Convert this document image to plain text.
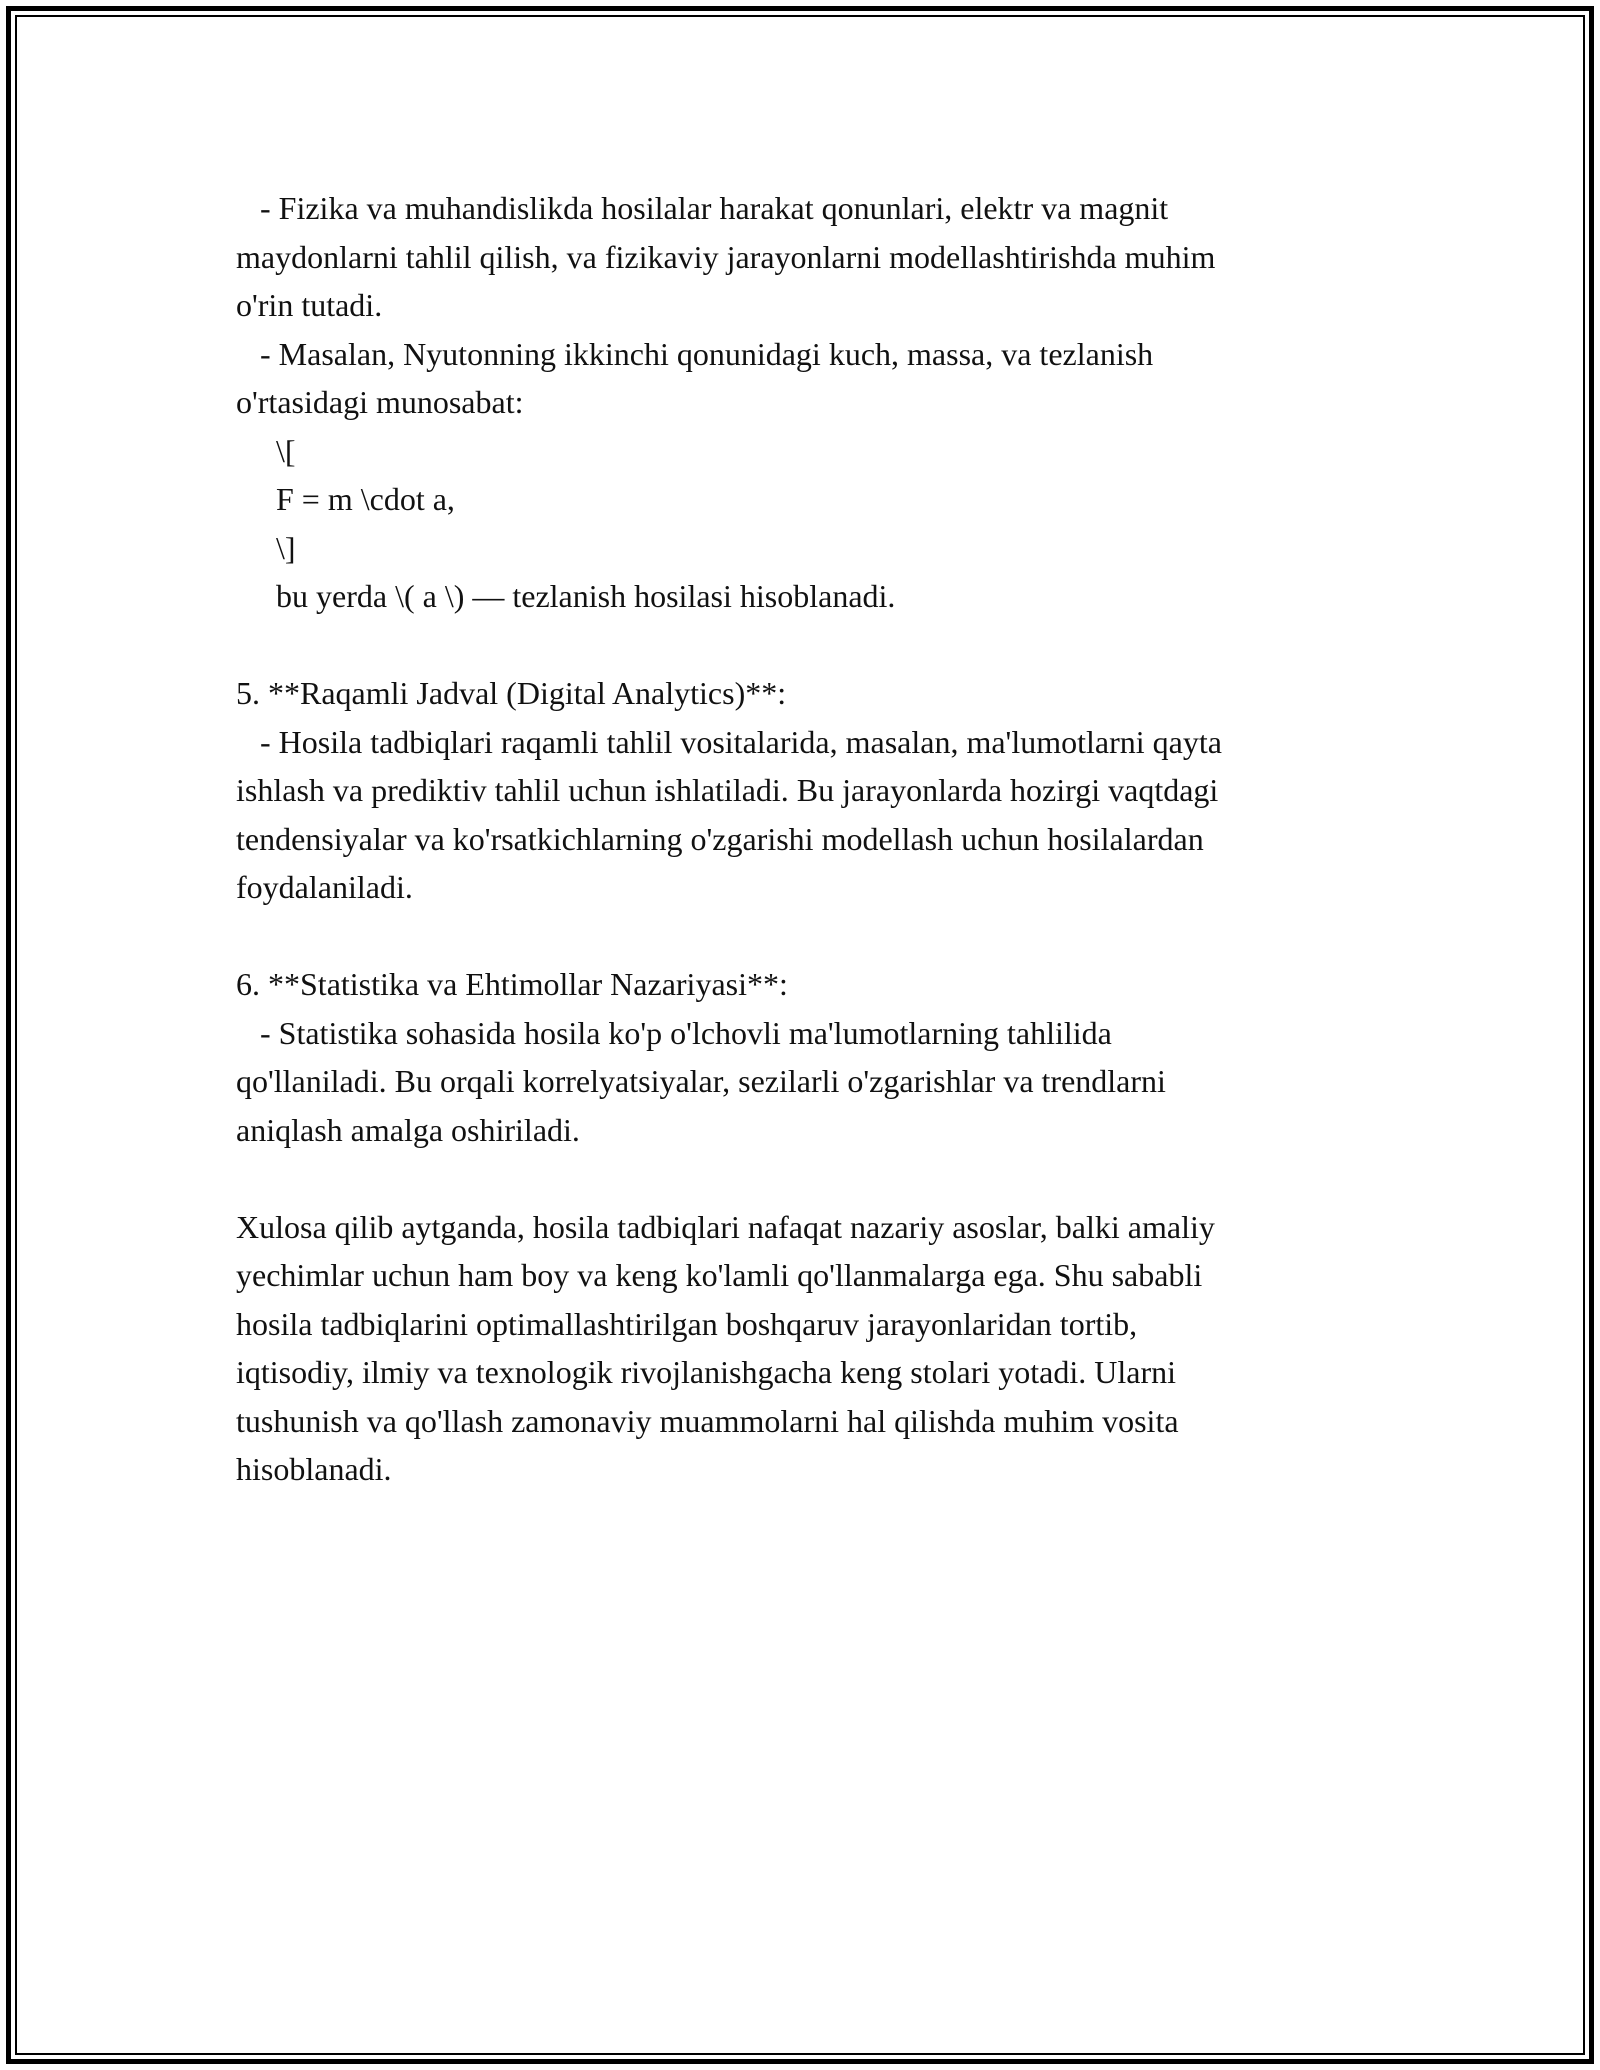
- Fizika va muhandislikda hosilalar harakat qonunlari, elektr va magnit
maydonlarni tahlil qilish, va fizikaviy jarayonlarni modellashtirishda muhim
o'rin tutadi.
- Masalan, Nyutonning ikkinchi qonunidagi kuch, massa, va tezlanish
o'rtasidagi munosabat:
\[
F = m \cdot a,
\]
bu yerda \( a \) — tezlanish hosilasi hisoblanadi.
5. **Raqamli Jadval (Digital Analytics)**:
- Hosila tadbiqlari raqamli tahlil vositalarida, masalan, ma'lumotlarni qayta
ishlash va prediktiv tahlil uchun ishlatiladi. Bu jarayonlarda hozirgi vaqtdagi
tendensiyalar va ko'rsatkichlarning o'zgarishi modellash uchun hosilalardan
foydalaniladi.
6. **Statistika va Ehtimollar Nazariyasi**:
- Statistika sohasida hosila ko'p o'lchovli ma'lumotlarning tahlilida
qo'llaniladi. Bu orqali korrelyatsiyalar, sezilarli o'zgarishlar va trendlarni
aniqlash amalga oshiriladi.
Xulosa qilib aytganda, hosila tadbiqlari nafaqat nazariy asoslar, balki amaliy
yechimlar uchun ham boy va keng ko'lamli qo'llanmalarga ega. Shu sababli
hosila tadbiqlarini optimallashtirilgan boshqaruv jarayonlaridan tortib,
iqtisodiy, ilmiy va texnologik rivojlanishgacha keng stolari yotadi. Ularni
tushunish va qo'llash zamonaviy muammolarni hal qilishda muhim vosita
hisoblanadi.
